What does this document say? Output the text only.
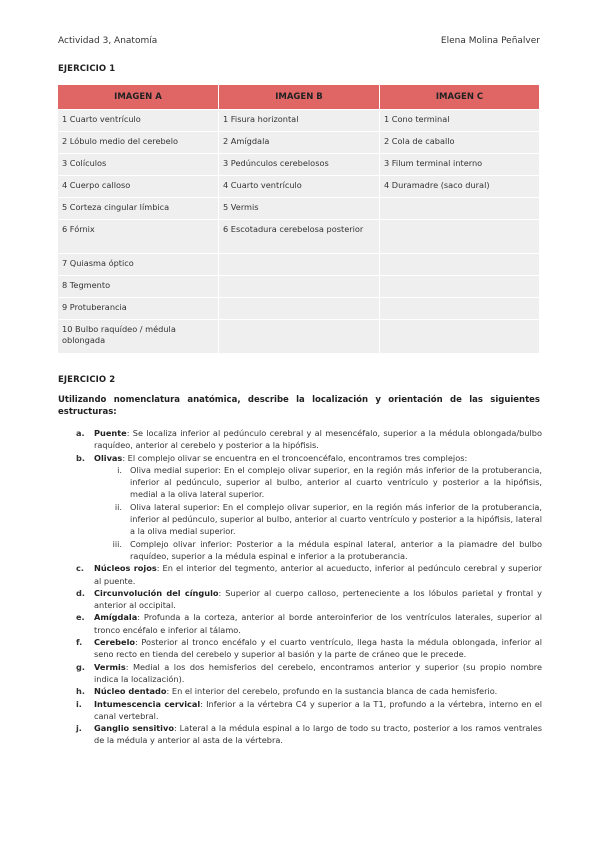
Actividad 3, Anatomía	Elena Molina Peñalver
EJERCICIO 1
IMAGEN A	IMAGEN B	IMAGEN C
1 Cuarto ventrículo	1 Fisura horizontal	1 Cono terminal
2 Lóbulo medio del cerebelo	2 Amígdala	2 Cola de caballo
3 Colículos	3 Pedúnculos cerebelosos	3 Filum terminal interno
4 Cuerpo calloso	4 Cuarto ventrículo	4 Duramadre (saco dural)
5 Corteza cingular límbica	5 Vermis	
6 Fórnix	6 Escotadura cerebelosa posterior	
7 Quiasma óptico		
8 Tegmento		
9 Protuberancia		
10 Bulbo raquídeo / médula oblongada		
EJERCICIO 2
Utilizando nomenclatura anatómica, describe la localización y orientación de las siguientes estructuras:
a. Puente: Se localiza inferior al pedúnculo cerebral y al mesencéfalo, superior a la médula oblongada/bulbo raquídeo, anterior al cerebelo y posterior a la hipófisis.
b. Olivas: El complejo olivar se encuentra en el troncoencéfalo, encontramos tres complejos:
i. Oliva medial superior: En el complejo olivar superior, en la región más inferior de la protuberancia, inferior al pedúnculo, superior al bulbo, anterior al cuarto ventrículo y posterior a la hipófisis, medial a la oliva lateral superior.
ii. Oliva lateral superior: En el complejo olivar superior, en la región más inferior de la protuberancia, inferior al pedúnculo, superior al bulbo, anterior al cuarto ventrículo y posterior a la hipófisis, lateral a la oliva medial superior.
iii. Complejo olivar inferior: Posterior a la médula espinal lateral, anterior a la piamadre del bulbo raquídeo, superior a la médula espinal e inferior a la protuberancia.
c. Núcleos rojos: En el interior del tegmento, anterior al acueducto, inferior al pedúnculo cerebral y superior al puente.
d. Circunvolución del cíngulo: Superior al cuerpo calloso, perteneciente a los lóbulos parietal y frontal y anterior al occipital.
e. Amígdala: Profunda a la corteza, anterior al borde anteroinferior de los ventrículos laterales, superior al tronco encéfalo e inferior al tálamo.
f. Cerebelo: Posterior al tronco encéfalo y el cuarto ventrículo, llega hasta la médula oblongada, inferior al seno recto en tienda del cerebelo y superior al basión y la parte de cráneo que le precede.
g. Vermis: Medial a los dos hemisferios del cerebelo, encontramos anterior y superior (su propio nombre indica la localización).
h. Núcleo dentado: En el interior del cerebelo, profundo en la sustancia blanca de cada hemisferio.
i. Intumescencia cervical: Inferior a la vértebra C4 y superior a la T1, profundo a la vértebra, interno en el canal vertebral.
j. Ganglio sensitivo: Lateral a la médula espinal a lo largo de todo su tracto, posterior a los ramos ventrales de la médula y anterior al asta de la vértebra.
